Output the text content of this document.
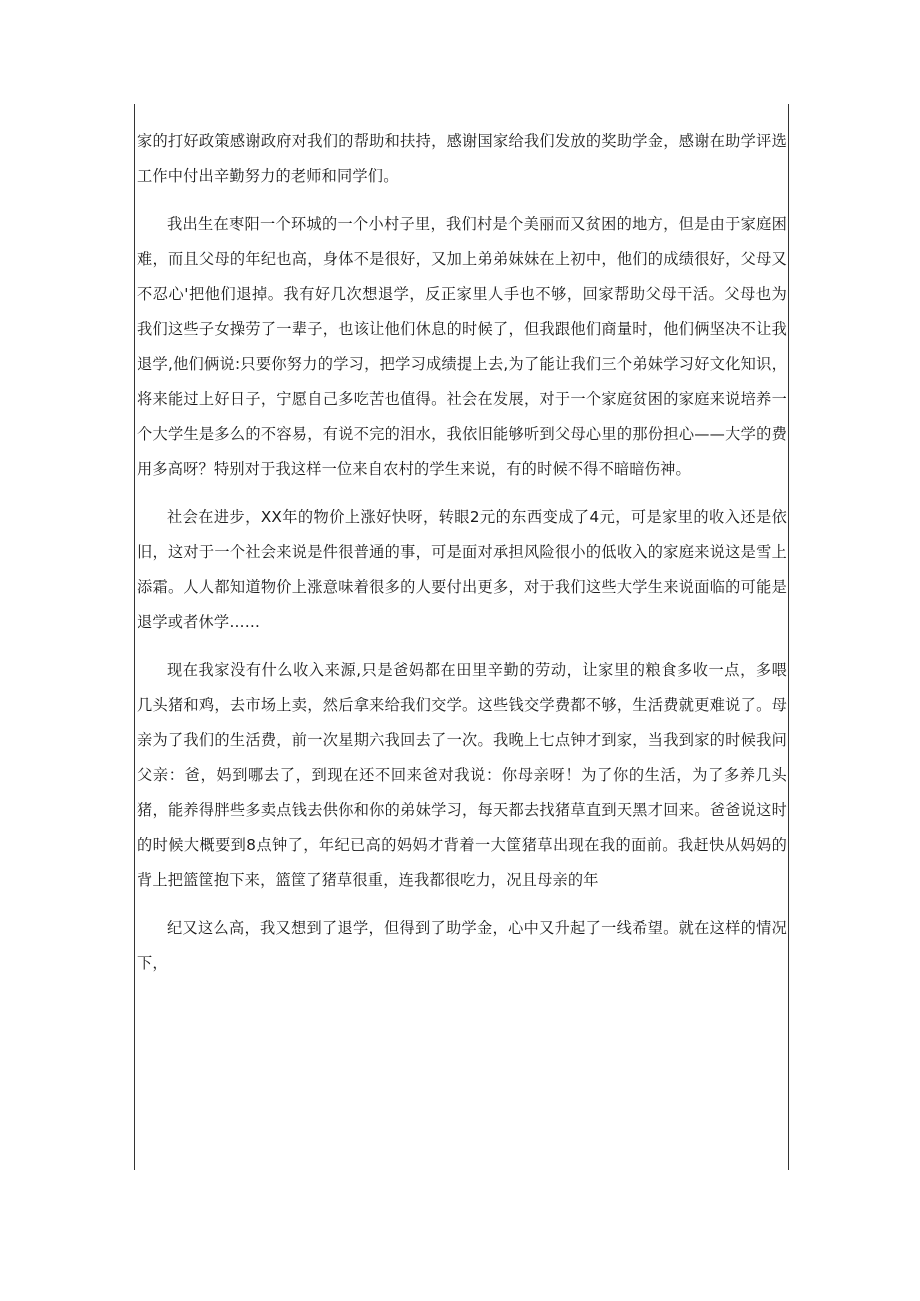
家的打好政策感谢政府对我们的帮助和扶持，感谢国家给我们发放的奖助学金，感谢在助学评选工作中付出辛勤努力的老师和同学们。

我出生在枣阳一个环城的一个小村子里，我们村是个美丽而又贫困的地方，但是由于家庭困难，而且父母的年纪也高，身体不是很好，又加上弟弟妹妹在上初中，他们的成绩很好，父母又不忍心'把他们退掉。我有好几次想退学，反正家里人手也不够，回家帮助父母干活。父母也为我们这些子女操劳了一辈子，也该让他们休息的时候了，但我跟他们商量时，他们俩坚决不让我退学,他们俩说:只要你努力的学习，把学习成绩提上去,为了能让我们三个弟妹学习好文化知识，将来能过上好日子，宁愿自己多吃苦也值得。社会在发展，对于一个家庭贫困的家庭来说培养一个大学生是多么的不容易，有说不完的泪水，我依旧能够听到父母心里的那份担心——大学的费用多高呀？特别对于我这样一位来自农村的学生来说，有的时候不得不暗暗伤神。

社会在进步，XX年的物价上涨好快呀，转眼2元的东西变成了4元，可是家里的收入还是依旧，这对于一个社会来说是件很普通的事，可是面对承担风险很小的低收入的家庭来说这是雪上添霜。人人都知道物价上涨意味着很多的人要付出更多，对于我们这些大学生来说面临的可能是退学或者休学……

现在我家没有什么收入来源,只是爸妈都在田里辛勤的劳动，让家里的粮食多收一点，多喂几头猪和鸡，去市场上卖，然后拿来给我们交学。这些钱交学费都不够，生活费就更难说了。母亲为了我们的生活费，前一次星期六我回去了一次。我晚上七点钟才到家，当我到家的时候我问父亲：爸，妈到哪去了，到现在还不回来爸对我说：你母亲呀！为了你的生活，为了多养几头猪，能养得胖些多卖点钱去供你和你的弟妹学习，每天都去找猪草直到天黑才回来。爸爸说这时的时候大概要到8点钟了，年纪已高的妈妈才背着一大筐猪草出现在我的面前。我赶快从妈妈的背上把篮筐抱下来，篮筐了猪草很重，连我都很吃力，况且母亲的年

纪又这么高，我又想到了退学，但得到了助学金，心中又升起了一线希望。就在这样的情况下，
